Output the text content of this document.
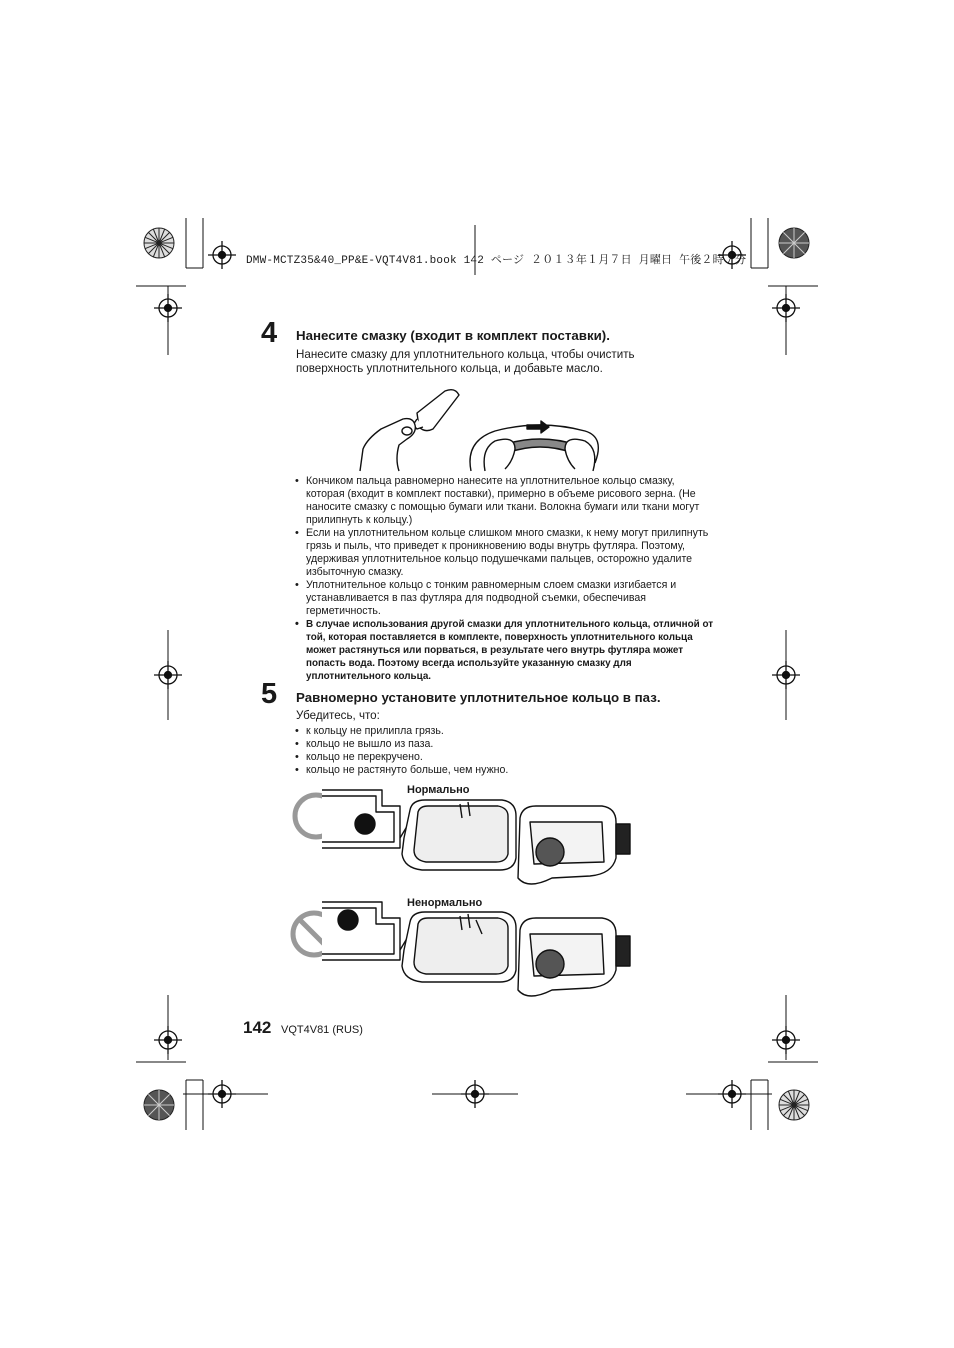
DMW-MCTZ35&40_PP&E-VQT4V81.book 142 ページ ２０１３年１月７日 月曜日 午後２時７分
4 Нанесите смазку (входит в комплект поставки).
Нанесите смазку для уплотнительного кольца, чтобы очистить
поверхность уплотнительного кольца, и добавьте масло.
• Кончиком пальца равномерно нанесите на уплотнительное кольцо смазку, которая (входит в комплект поставки), примерно в объеме рисового зерна. (Не наносите смазку с помощью бумаги или ткани. Волокна бумаги или ткани могут прилипнуть к кольцу.)
• Если на уплотнительном кольце слишком много смазки, к нему могут прилипнуть грязь и пыль, что приведет к проникновению воды внутрь футляра. Поэтому, удерживая уплотнительное кольцо подушечками пальцев, осторожно удалите избыточную смазку.
• Уплотнительное кольцо с тонким равномерным слоем смазки изгибается и устанавливается в паз футляра для подводной съемки, обеспечивая герметичность.
• В случае использования другой смазки для уплотнительного кольца, отличной от той, которая поставляется в комплекте, поверхность уплотнительного кольца может растянуться или порваться, в результате чего внутрь футляра может попасть вода. Поэтому всегда используйте указанную смазку для уплотнительного кольца.
5 Равномерно установите уплотнительное кольцо в паз.
Убедитесь, что:
• к кольцу не прилипла грязь.
• кольцо не вышло из паза.
• кольцо не перекручено.
• кольцо не растянуто больше, чем нужно.
Нормально
Ненормально
142 VQT4V81 (RUS)
